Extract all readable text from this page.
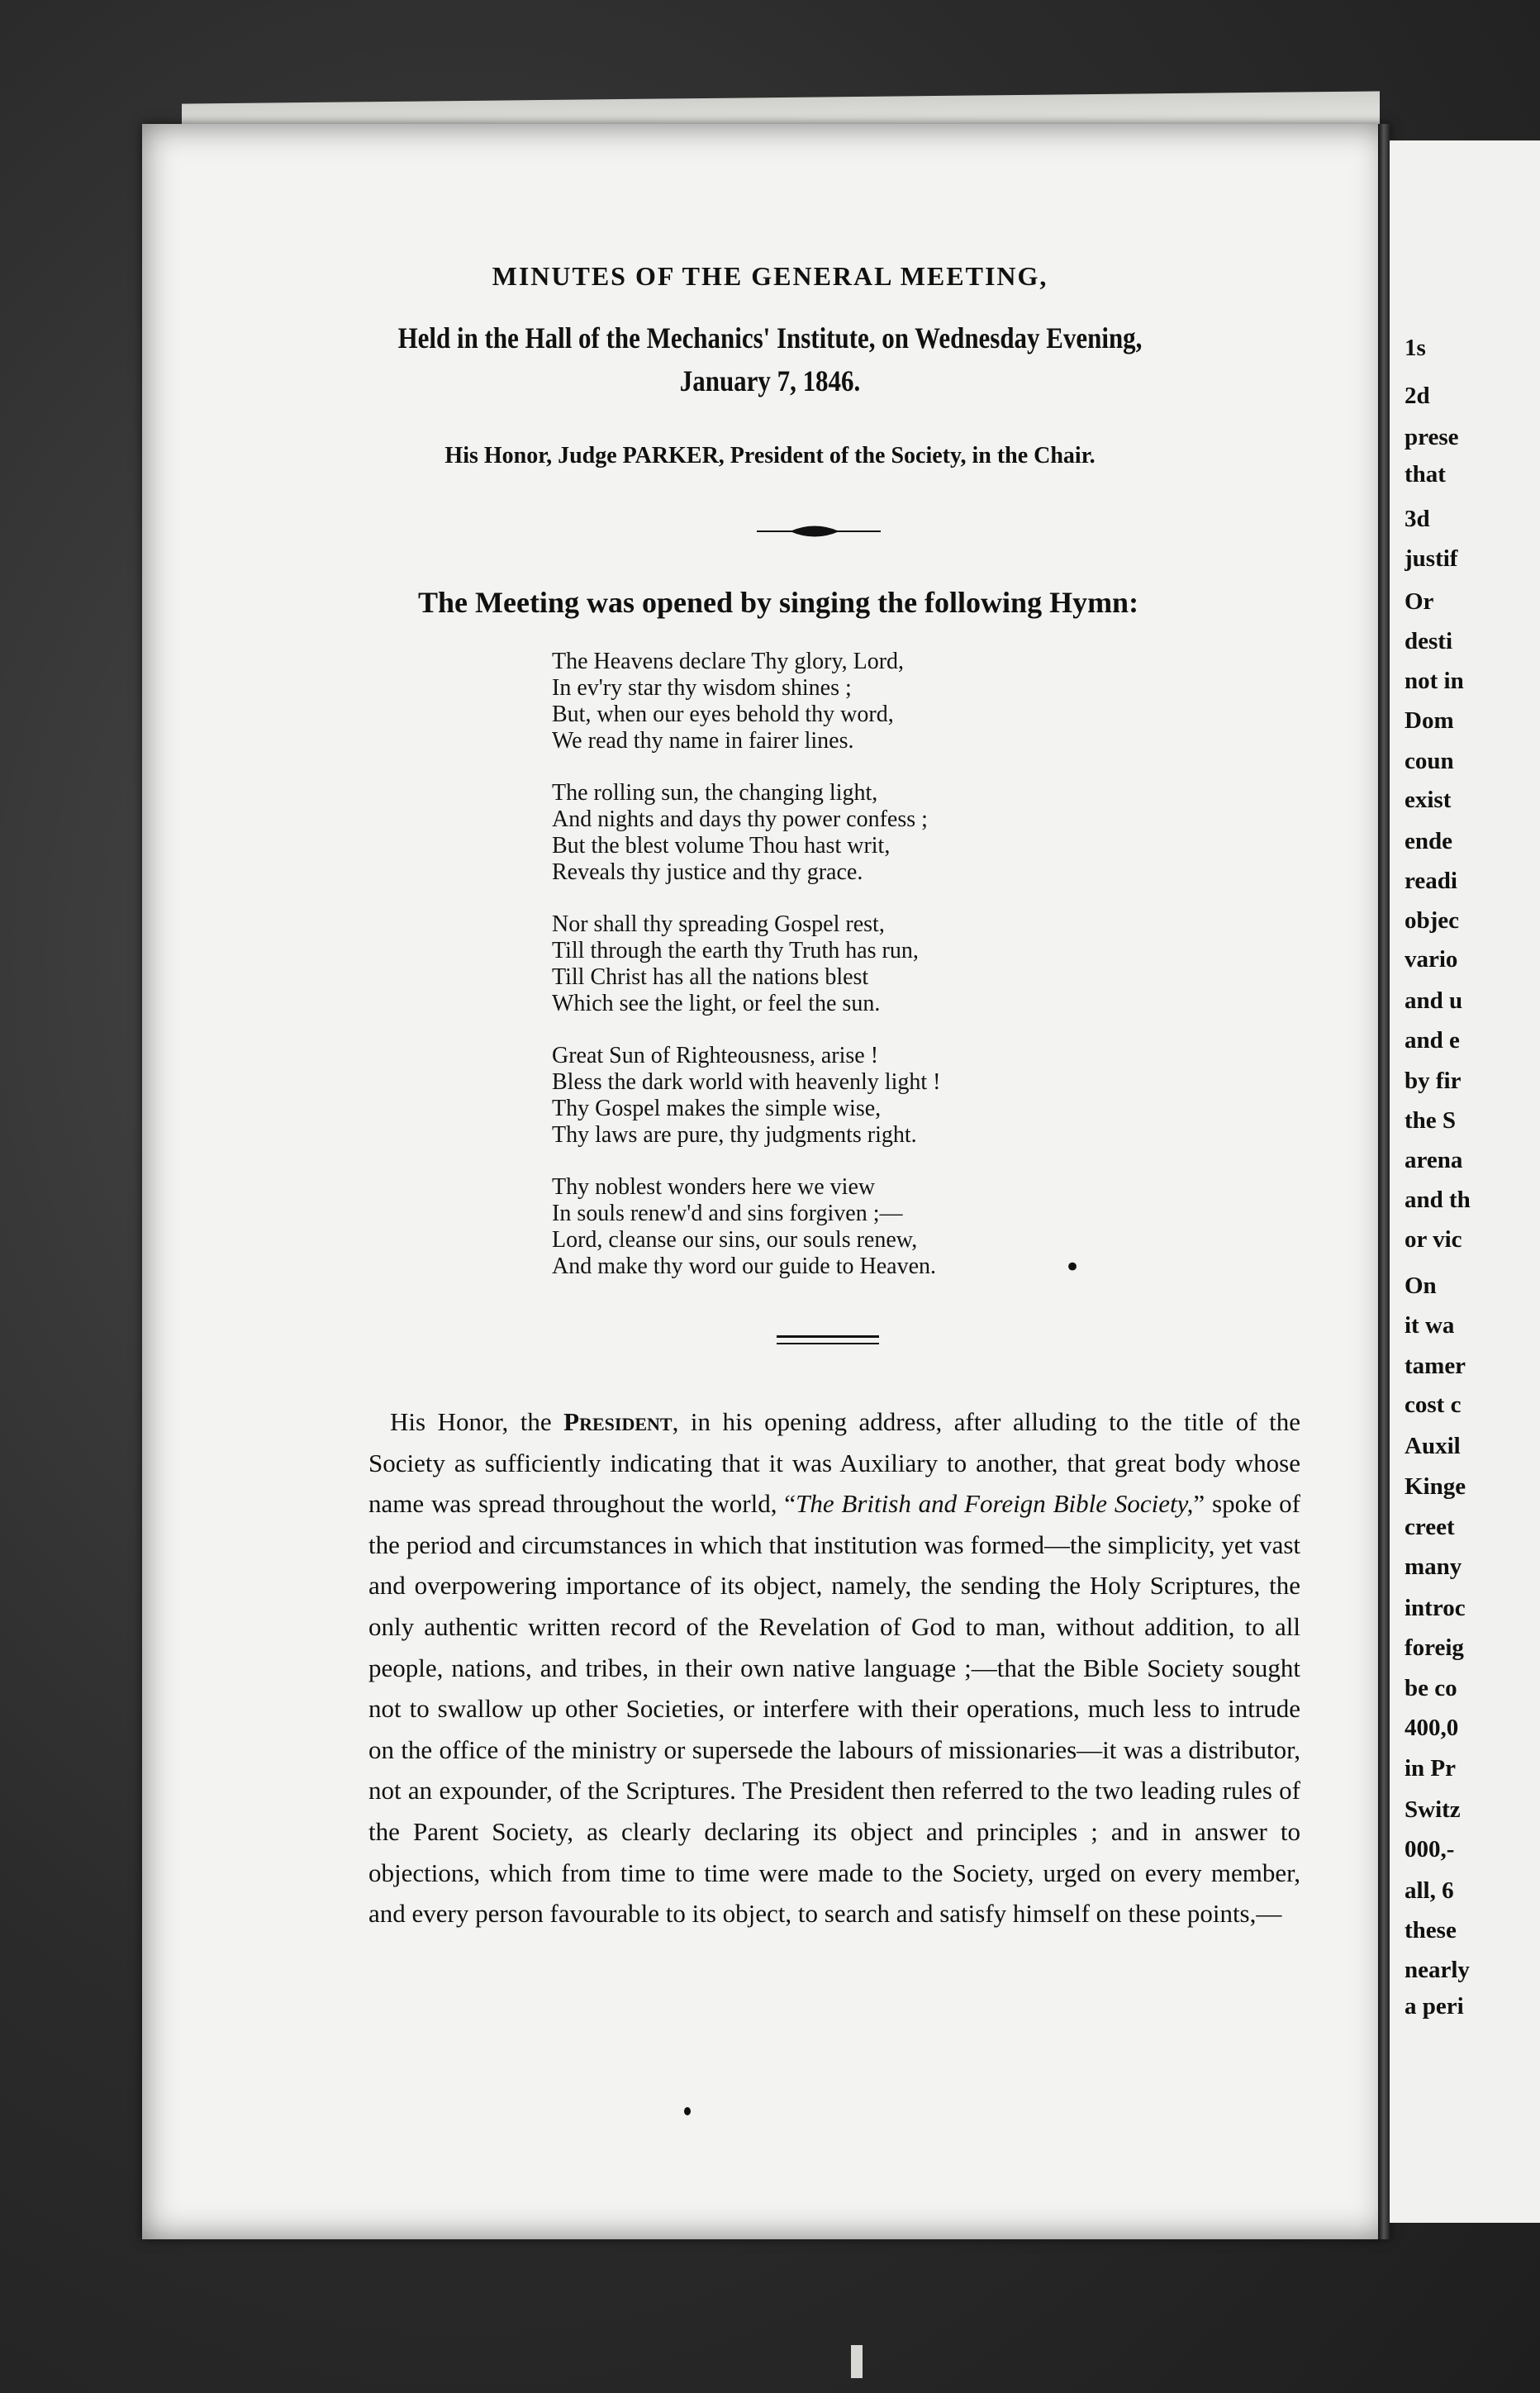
1s
2d
prese
that
3d
justif
Or
desti
not in
Dom
coun
exist
ende
readi
objec
vario
and u
and e
by fir
the S
arena
and th
or vic
On
it wa
tamer
cost c
Auxil
Kinge
creet
many
introc
foreig
be co
400,0
in Pr
Switz
000,-
all, 6
these
nearly
a peri
MINUTES OF THE GENERAL MEETING,
Held in the Hall of the Mechanics' Institute, on Wednesday Evening,
January 7, 1846.
His Honor, Judge PARKER, President of the Society, in the Chair.
The Meeting was opened by singing the following Hymn:
The Heavens declare Thy glory, Lord,
In ev'ry star thy wisdom shines ;
But, when our eyes behold thy word,
We read thy name in fairer lines.
The rolling sun, the changing light,
And nights and days thy power confess ;
But the blest volume Thou hast writ,
Reveals thy justice and thy grace.
Nor shall thy spreading Gospel rest,
Till through the earth thy Truth has run,
Till Christ has all the nations blest
Which see the light, or feel the sun.
Great Sun of Righteousness, arise !
Bless the dark world with heavenly light !
Thy Gospel makes the simple wise,
Thy laws are pure, thy judgments right.
Thy noblest wonders here we view
In souls renew'd and sins forgiven ;—
Lord, cleanse our sins, our souls renew,
And make thy word our guide to Heaven.	•
His Honor, the President, in his opening address, after alluding to the title of the Society as sufficiently indicating that it was Auxiliary to another, that great body whose name was spread throughout the world, “The British and Foreign Bible Society,” spoke of the period and circumstances in which that institution was formed—the simplicity, yet vast and overpowering importance of its object, namely, the sending the Holy Scriptures, the only authentic written record of the Revelation of God to man, without addition, to all people, nations, and tribes, in their own native language ;—that the Bible Society sought not to swallow up other Societies, or interfere with their operations, much less to intrude on the office of the ministry or supersede the labours of missionaries—it was a distributor, not an expounder, of the Scriptures. The President then referred to the two leading rules of the Parent Society, as clearly declaring its object and principles ; and in answer to objections, which from time to time were made to the Society, urged on every member, and every person favourable to its object, to search and satisfy himself on these points,—
